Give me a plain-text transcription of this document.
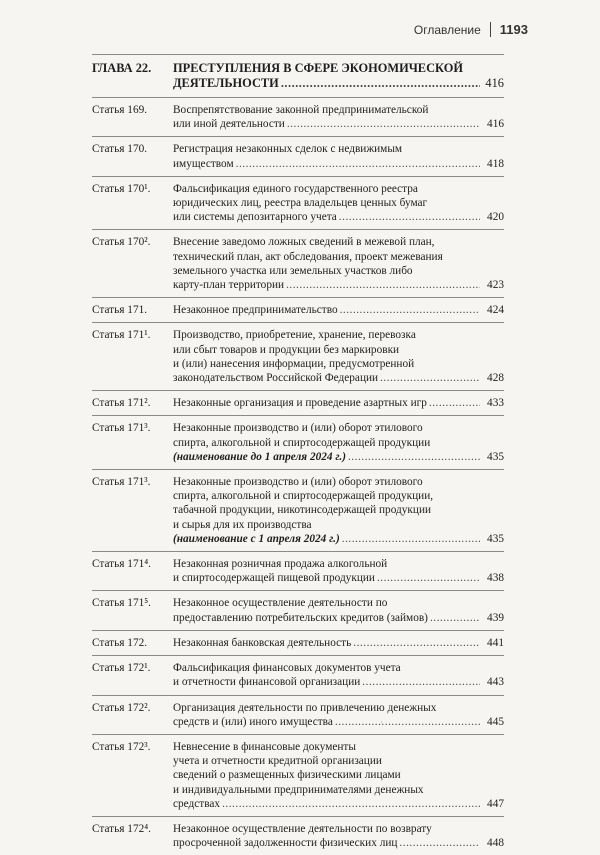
Оглавление 1193
ГЛАВА 22.	ПРЕСТУПЛЕНИЯ В СФЕРЕ ЭКОНОМИЧЕСКОЙ
ДЕЯТЕЛЬНОСТИ .....	416
Статья 169.	Воспрепятствование законной предпринимательской
или иной деятельности .....	416
Статья 170.	Регистрация незаконных сделок с недвижимым
имуществом .....	418
Статья 170¹.	Фальсификация единого государственного реестра
юридических лиц, реестра владельцев ценных бумаг
или системы депозитарного учета .....	420
Статья 170².	Внесение заведомо ложных сведений в межевой план,
технический план, акт обследования, проект межевания
земельного участка или земельных участков либо
карту-план территории .....	423
Статья 171.	Незаконное предпринимательство .....	424
Статья 171¹.	Производство, приобретение, хранение, перевозка
или сбыт товаров и продукции без маркировки
и (или) нанесения информации, предусмотренной
законодательством Российской Федерации .....	428
Статья 171².	Незаконные организация и проведение азартных игр .....	433
Статья 171³.	Незаконные производство и (или) оборот этилового
спирта, алкогольной и спиртосодержащей продукции
(наименование до 1 апреля 2024 г.) .....	435
Статья 171³.	Незаконные производство и (или) оборот этилового
спирта, алкогольной и спиртосодержащей продукции,
табачной продукции, никотинсодержащей продукции
и сырья для их производства
(наименование с 1 апреля 2024 г.) .....	435
Статья 171⁴.	Незаконная розничная продажа алкогольной
и спиртосодержащей пищевой продукции .....	438
Статья 171⁵.	Незаконное осуществление деятельности по
предоставлению потребительских кредитов (займов) .....	439
Статья 172.	Незаконная банковская деятельность .....	441
Статья 172¹.	Фальсификация финансовых документов учета
и отчетности финансовой организации .....	443
Статья 172².	Организация деятельности по привлечению денежных
средств и (или) иного имущества .....	445
Статья 172³.	Невнесение в финансовые документы
учета и отчетности кредитной организации
сведений о размещенных физическими лицами
и индивидуальными предпринимателями денежных
средствах .....	447
Статья 172⁴.	Незаконное осуществление деятельности по возврату
просроченной задолженности физических лиц .....	448
˙
